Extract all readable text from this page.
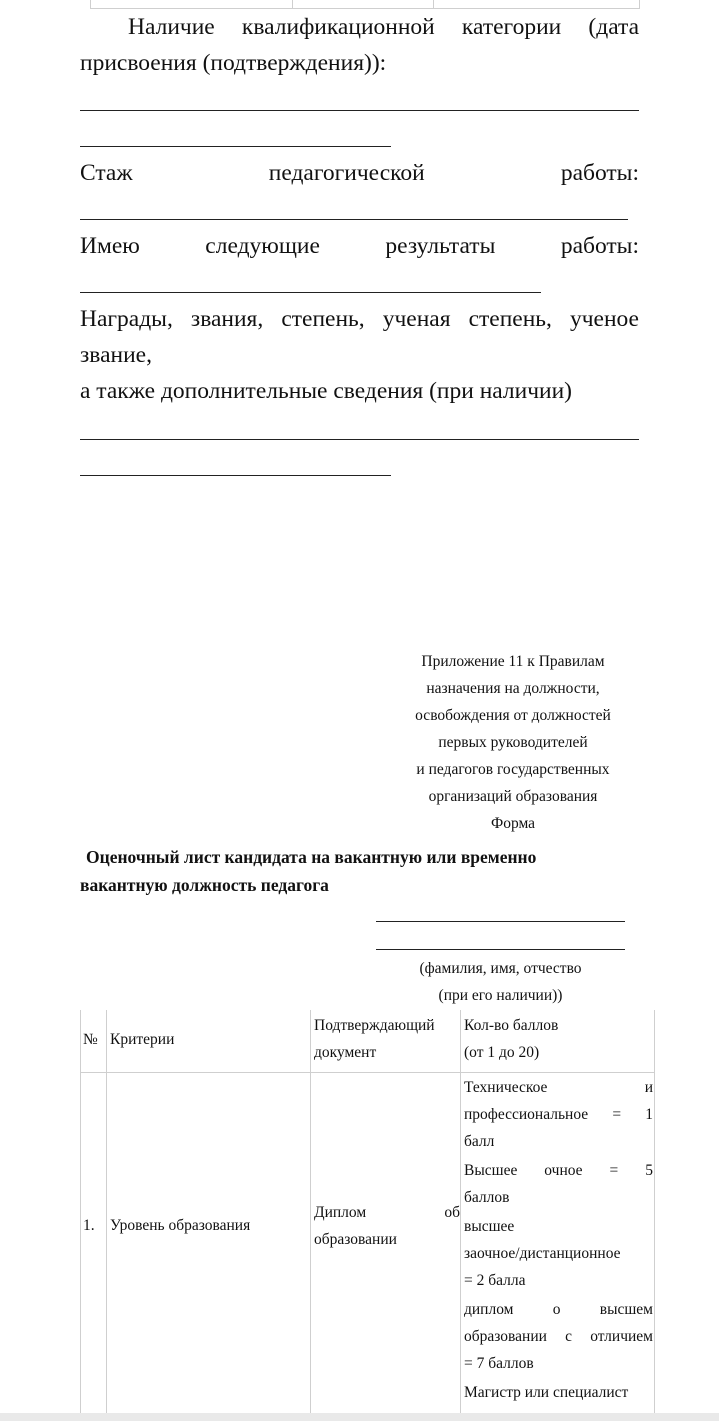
Наличие квалификационной категории (дата
присвоения (подтверждения)):
Стаж педагогической работы:
Имею следующие результаты работы:
Награды, звания, степень, ученая степень, ученое
звание,
а также дополнительные сведения (при наличии)
Приложение 11 к Правилам
назначения на должности,
освобождения от должностей
первых руководителей
и педагогов государственных
организаций образования
Форма
Оценочный лист кандидата на вакантную или временно
вакантную должность педагога
(фамилия, имя, отчество
(при его наличии))
№ Критерии
Подтверждающий
документ
Кол-во баллов
(от 1 до 20)
1. Уровень образования
Диплом об
образовании
Техническое и
профессиональное = 1
балл
Высшее очное = 5
баллов
высшее
заочное/дистанционное
= 2 балла
диплом о высшем
образовании с отличием
= 7 баллов
Магистр или специалист
